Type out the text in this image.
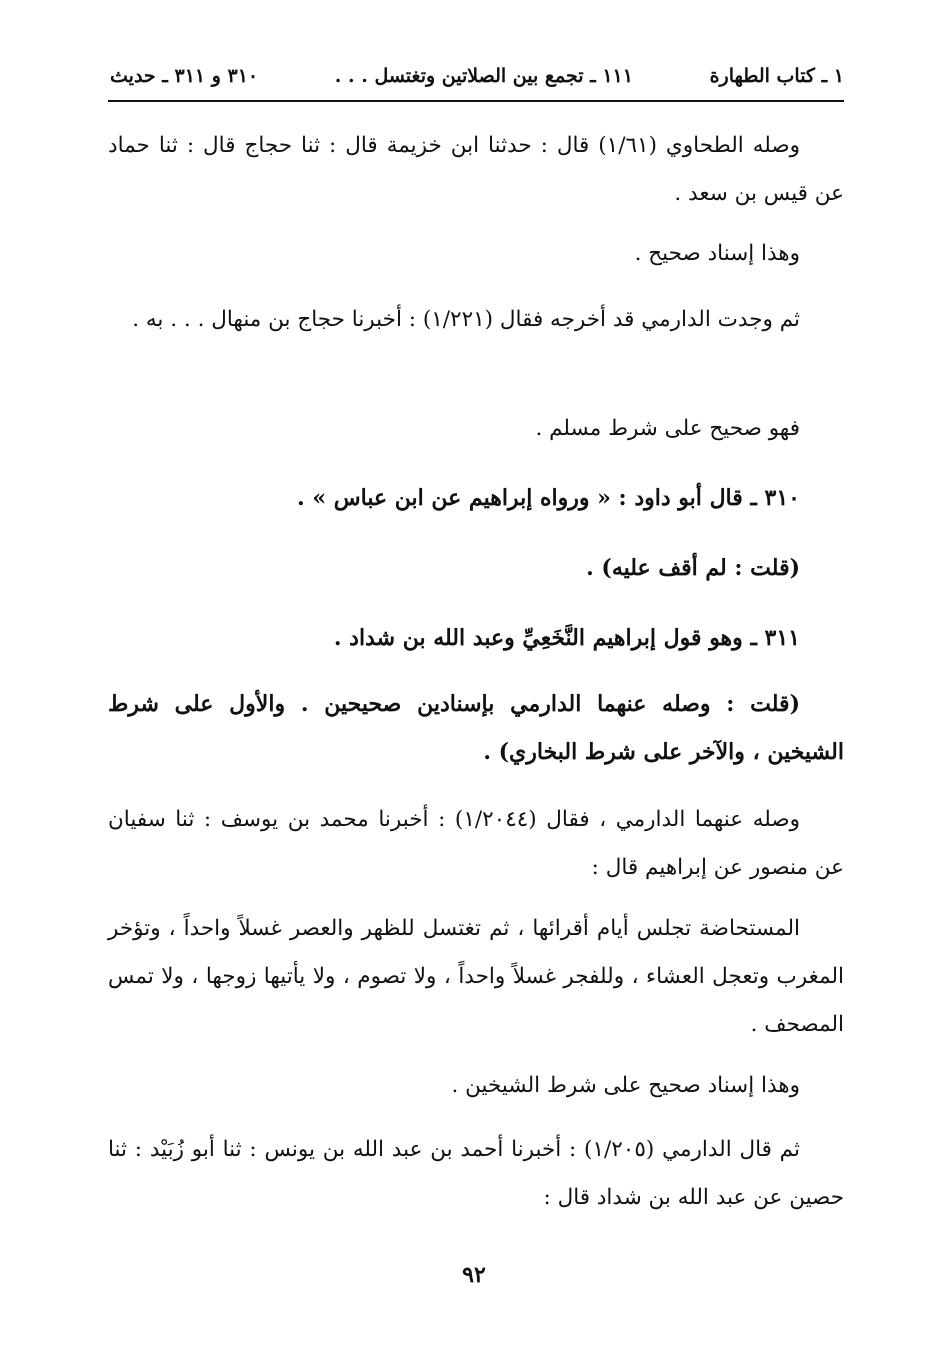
١ ـ كتاب الطهارة
١١١ ـ تجمع بين الصلاتين وتغتسل . . .
٣١٠ و ٣١١ ـ حديث

وصله الطحاوي (١/٦١) قال : حدثنا ابن خزيمة قال : ثنا حجاج قال : ثنا حماد عن قيس بن سعد .

وهذا إسناد صحيح .

ثم وجدت الدارمي قد أخرجه فقال (١/٢٢١) : أخبرنا حجاج بن منهال . . . به .

فهو صحيح على شرط مسلم .

٣١٠ ـ قال أبو داود : « ورواه إبراهيم عن ابن عباس » .

(قلت : لم أقف عليه) .

٣١١ ـ وهو قول إبراهيم النَّخَعِيِّ وعبد الله بن شداد .

(قلت : وصله عنهما الدارمي بإسنادين صحيحين . والأول على شرط الشيخين ، والآخر على شرط البخاري) .

وصله عنهما الدارمي ، فقال (١/٢٠٤٤) : أخبرنا محمد بن يوسف : ثنا سفيان عن منصور عن إبراهيم قال :

المستحاضة تجلس أيام أقرائها ، ثم تغتسل للظهر والعصر غسلاً واحداً ، وتؤخر المغرب وتعجل العشاء ، وللفجر غسلاً واحداً ، ولا تصوم ، ولا يأتيها زوجها ، ولا تمس المصحف .

وهذا إسناد صحيح على شرط الشيخين .

ثم قال الدارمي (١/٢٠٥) : أخبرنا أحمد بن عبد الله بن يونس : ثنا أبو زُبَيْد : ثنا حصين عن عبد الله بن شداد قال :

٩٢
